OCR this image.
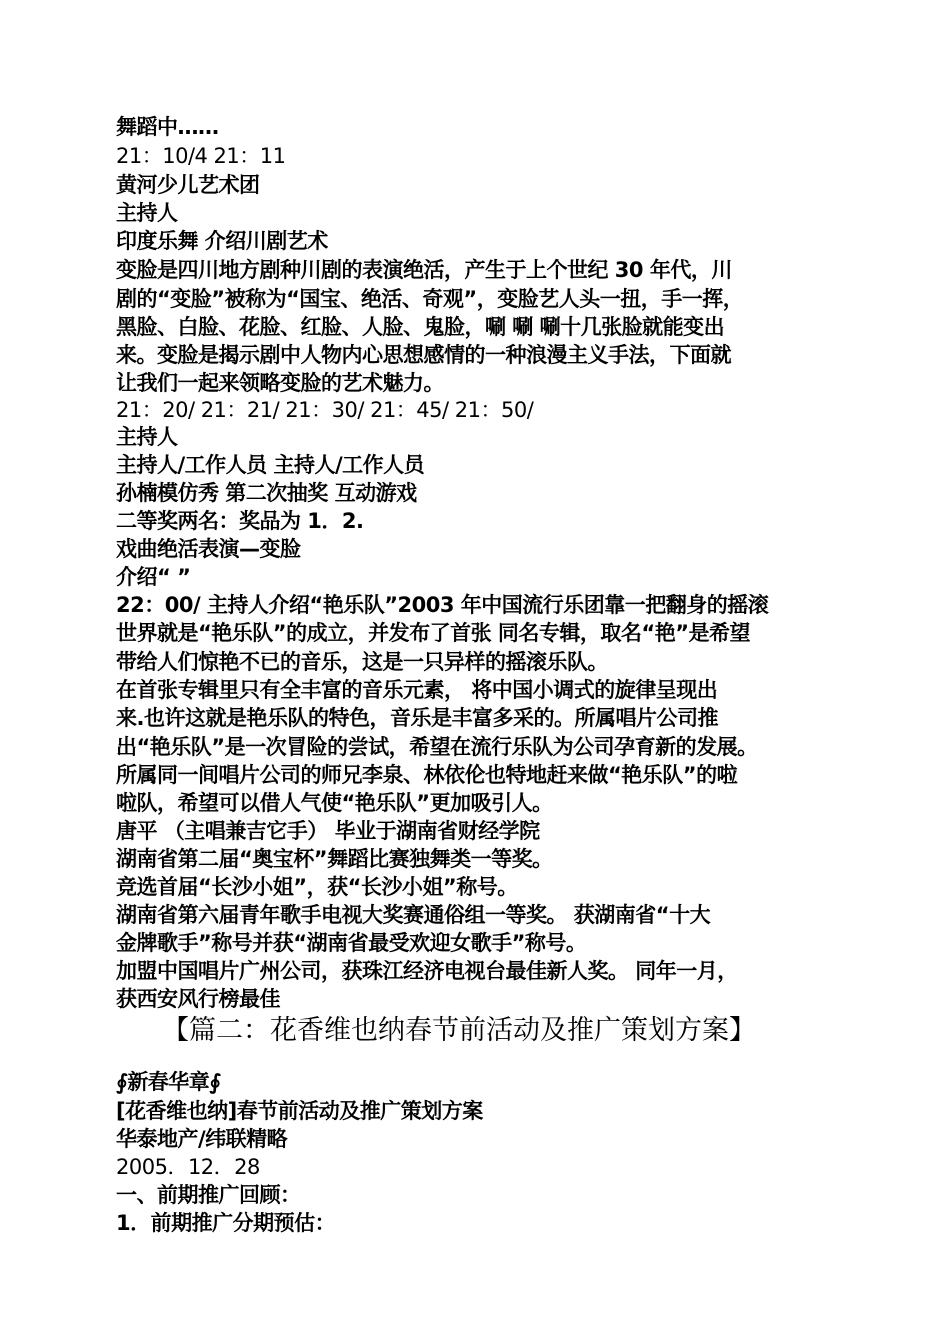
舞蹈中……
21：10/4 21：11
黄河少儿艺术团
主持人
印度乐舞 介绍川剧艺术
变脸是四川地方剧种川剧的表演绝活，产生于上个世纪 30 年代，川
剧的“变脸”被称为“国宝、绝活、奇观”，变脸艺人头一扭，手一挥，
黑脸、白脸、花脸、红脸、人脸、鬼脸，唰 唰 唰十几张脸就能变出
来。变脸是揭示剧中人物内心思想感情的一种浪漫主义手法，下面就
让我们一起来领略变脸的艺术魅力。
21：20/ 21：21/ 21：30/ 21：45/ 21：50/
主持人
主持人/工作人员 主持人/工作人员
孙楠模仿秀 第二次抽奖 互动游戏
二等奖两名：奖品为 1．2.
戏曲绝活表演—变脸
介绍“ ”
22：00/ 主持人介绍“艳乐队”2003 年中国流行乐团靠一把翻身的摇滚
世界就是“艳乐队”的成立，并发布了首张 同名专辑，取名“艳”是希望
带给人们惊艳不已的音乐，这是一只异样的摇滚乐队。
在首张专辑里只有全丰富的音乐元素， 将中国小调式的旋律呈现出
来.也许这就是艳乐队的特色，音乐是丰富多采的。所属唱片公司推
出“艳乐队”是一次冒险的尝试，希望在流行乐队为公司孕育新的发展。
所属同一间唱片公司的师兄李泉、林依伦也特地赶来做“艳乐队”的啦
啦队，希望可以借人气使“艳乐队”更加吸引人。
唐平 （主唱兼吉它手） 毕业于湖南省财经学院
湖南省第二届“奥宝杯”舞蹈比赛独舞类一等奖。
竞选首届“长沙小姐”，获“长沙小姐”称号。
湖南省第六届青年歌手电视大奖赛通俗组一等奖。 获湖南省“十大
金牌歌手”称号并获“湖南省最受欢迎女歌手”称号。
加盟中国唱片广州公司，获珠江经济电视台最佳新人奖。 同年一月，
获西安风行榜最佳
【篇二：花香维也纳春节前活动及推广策划方案】
∮新春华章∮
[花香维也纳]春节前活动及推广策划方案
华泰地产/纬联精略
2005．12．28
一、前期推广回顾：
1．前期推广分期预估：
